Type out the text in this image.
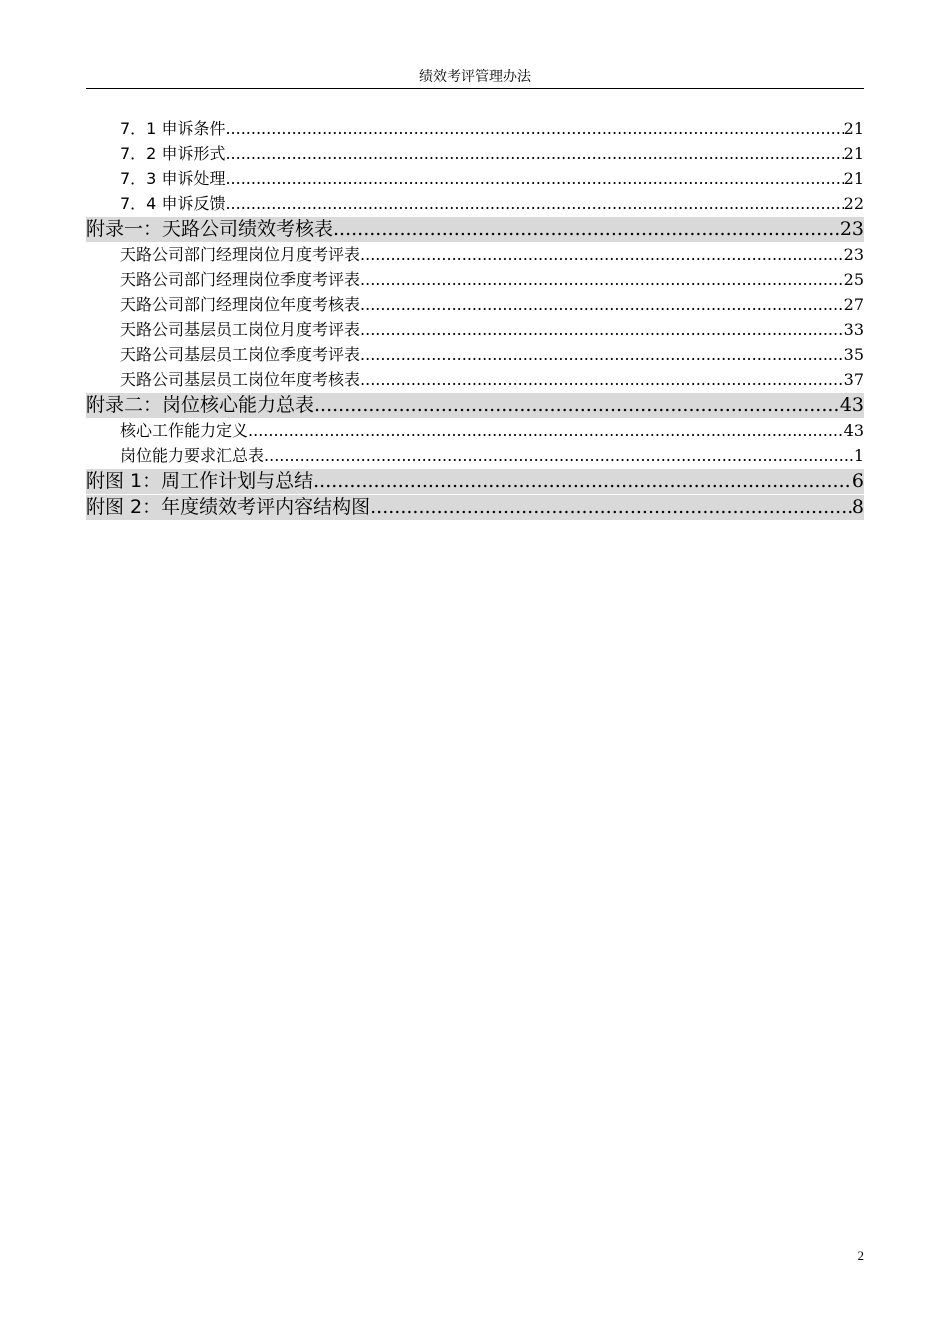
绩效考评管理办法
7．1 申诉条件 .....	21
7．2 申诉形式 .....	21
7．3 申诉处理 .....	21
7．4 申诉反馈 .....	22
附录一：天路公司绩效考核表 .....	23
天路公司部门经理岗位月度考评表 .....	23
天路公司部门经理岗位季度考评表 .....	25
天路公司部门经理岗位年度考核表 .....	27
天路公司基层员工岗位月度考评表 .....	33
天路公司基层员工岗位季度考评表 .....	35
天路公司基层员工岗位年度考核表 .....	37
附录二：岗位核心能力总表 .....	43
核心工作能力定义 .....	43
岗位能力要求汇总表 .....	1
附图 1：周工作计划与总结 .....	6
附图 2：年度绩效考评内容结构图 .....	8
2
